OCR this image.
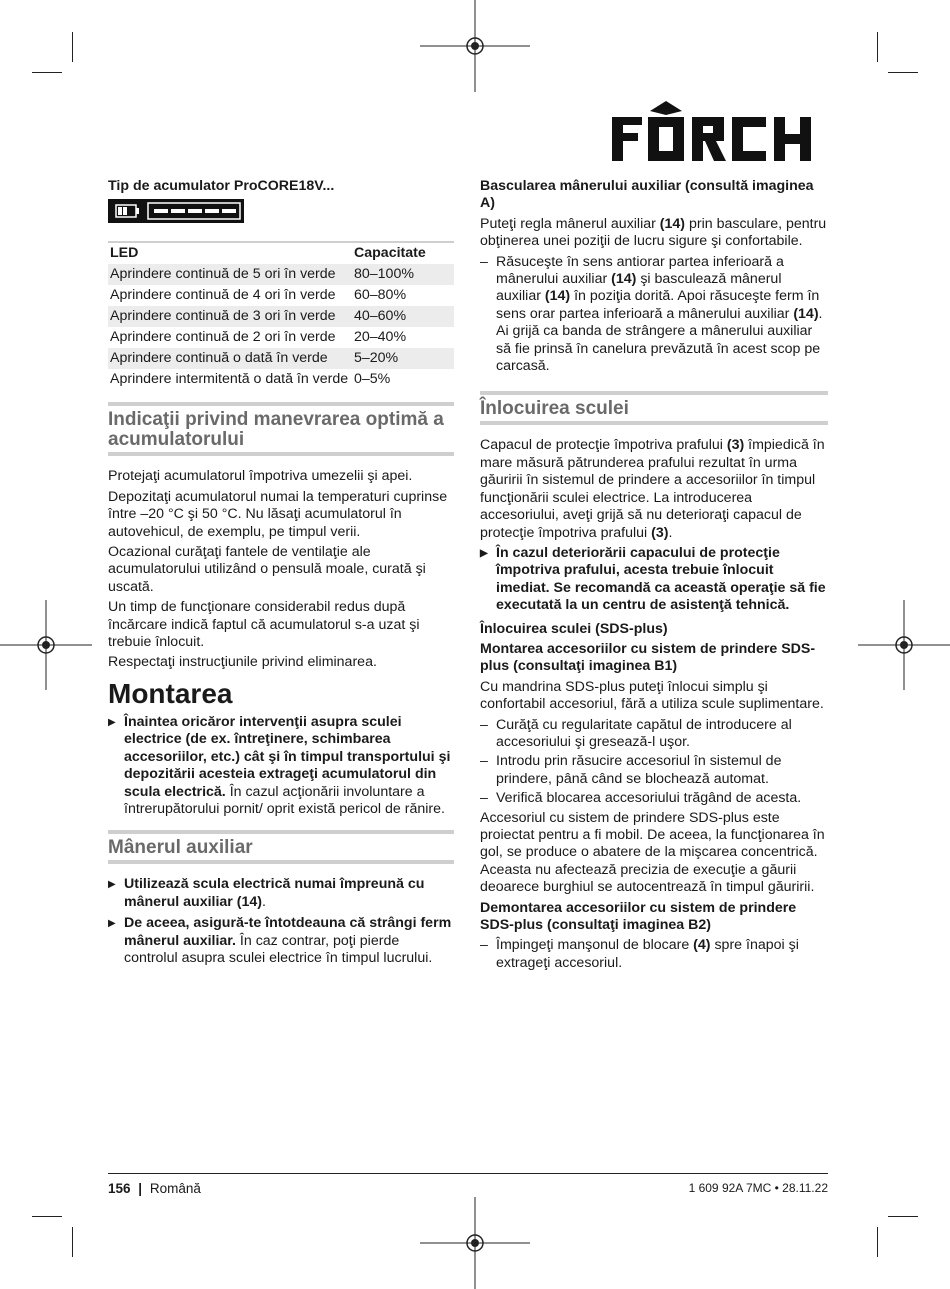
Tip de acumulator ProCORE18V...

LED	Capacitate
Aprindere continuă de 5 ori în verde	80–100%
Aprindere continuă de 4 ori în verde	60–80%
Aprindere continuă de 3 ori în verde	40–60%
Aprindere continuă de 2 ori în verde	20–40%
Aprindere continuă o dată în verde	5–20%
Aprindere intermitentă o dată în verde	0–5%
Indicaţii privind manevrarea optimă a acumulatorului

Protejaţi acumulatorul împotriva umezelii şi apei.

Depozitaţi acumulatorul numai la temperaturi cuprinse între –20 °C şi 50 °C. Nu lăsaţi acumulatorul în autovehicul, de exemplu, pe timpul verii.

Ocazional curăţaţi fantele de ventilaţie ale acumulatorului utilizând o pensulă moale, curată şi uscată.

Un timp de funcţionare considerabil redus după încărcare indică faptul că acumulatorul s-a uzat şi trebuie înlocuit.

Respectaţi instrucţiunile privind eliminarea.

Montarea

▶ Înaintea oricăror intervenţii asupra sculei electrice (de ex. întreţinere, schimbarea accesoriilor, etc.) cât şi în timpul transportului şi depozitării acesteia extrageţi acumulatorul din scula electrică. În cazul acţionării involuntare a întrerupătorului pornit/ oprit există pericol de rănire.

Mânerul auxiliar

▶ Utilizează scula electrică numai împreună cu mânerul auxiliar (14).

▶ De aceea, asigură-te întotdeauna că strângi ferm mânerul auxiliar. În caz contrar, poţi pierde controlul asupra sculei electrice în timpul lucrului.

Basculareа mânerului auxiliar (consultă imaginea A)

Puteţi regla mânerul auxiliar (14) prin basculare, pentru obţinerea unei poziţii de lucru sigure şi confortabile.

– Răsuceşte în sens antiorar partea inferioară a mânerului auxiliar (14) şi basculează mânerul auxiliar (14) în poziţia dorită. Apoi răsuceşte ferm în sens orar partea inferioară a mânerului auxiliar (14).

Ai grijă ca banda de strângere a mânerului auxiliar să fie prinsă în canelura prevăzută în acest scop pe carcasă.

Înlocuirea sculei

Capacul de protecţie împotriva prafului (3) împiedică în mare măsură pătrunderea prafului rezultat în urma găuririi în sistemul de prindere a accesoriilor în timpul funcţionării sculei electrice. La introducerea accesoriului, aveţi grijă să nu deterioraţi capacul de protecţie împotriva prafului (3).

▶ În cazul deteriorării capacului de protecţie împotriva prafului, acesta trebuie înlocuit imediat. Se recomandă ca această operaţie să fie executată la un centru de asistenţă tehnică.

Înlocuirea sculei (SDS-plus)

Montarea accesoriilor cu sistem de prindere SDS-plus (consultaţi imaginea B1)

Cu mandrina SDS-plus puteţi înlocui simplu şi confortabil accesoriul, fără a utiliza scule suplimentare.

– Curăţă cu regularitate capătul de introducere al accesoriului şi gresează-l uşor.

– Introdu prin răsucire accesoriul în sistemul de prindere, până când se blochează automat.

– Verifică blocarea accesoriului trăgând de acesta.

Accesoriul cu sistem de prindere SDS-plus este proiectat pentru a fi mobil. De aceea, la funcţionarea în gol, se produce o abatere de la mişcarea concentrică. Aceasta nu afectează precizia de execuţie a găurii deoarece burghiul se autocentrează în timpul găuririi.

Demontarea accesoriilor cu sistem de prindere SDS-plus (consultaţi imaginea B2)

– Împingeţi manşonul de blocare (4) spre înapoi şi extrageţi accesoriul.

156 | Română	1 609 92A 7MC • 28.11.22
